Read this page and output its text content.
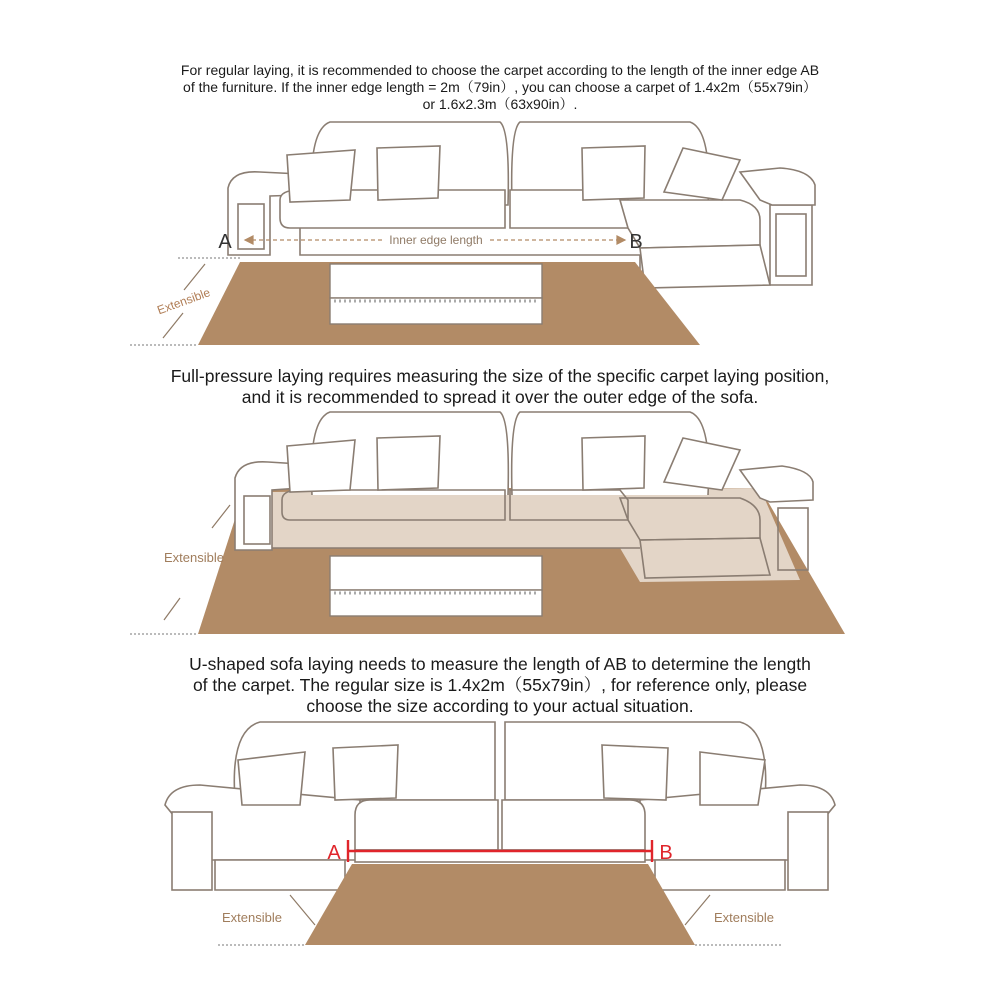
For regular laying, it is recommended to choose the carpet according to the length of the inner edge AB
of the furniture. If the inner edge length = 2m（79in）, you can choose a carpet of 1.4x2m（55x79in）
or 1.6x2.3m（63x90in）.
Inner edge length
A	B
Extensible
Full-pressure laying requires measuring the size of the specific carpet laying position,
and it is recommended to spread it over the outer edge of the sofa.
Extensible
U-shaped sofa laying needs to measure the length of AB to determine the length
of the carpet. The regular size is 1.4x2m（55x79in）, for reference only, please
choose the size according to your actual situation.
A	B
Extensible	Extensible
